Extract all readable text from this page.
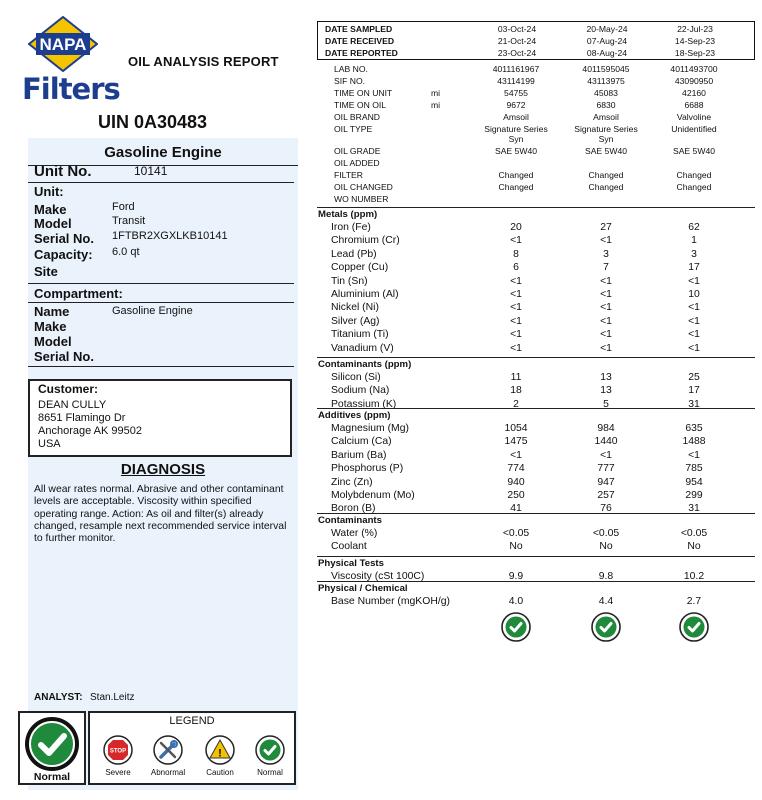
NAPA
Filters
OIL ANALYSIS REPORT
UIN 0A30483
Gasoline Engine
Unit No.	10141
Unit:
Make	Ford
Model	Transit
Serial No. 1FTBR2XGXLKB10141
Capacity: 6.0 qt
Site
Compartment:
Name	Gasoline Engine
Make
Model
Serial No.
Customer:
DEAN CULLY
8651 Flamingo Dr
Anchorage AK 99502
USA
DIAGNOSIS
All wear rates normal. Abrasive and other contaminant levels are acceptable. Viscosity within specified operating range. Action: As oil and filter(s) already changed, resample next recommended service interval to further monitor.
ANALYST: Stan.Leitz
Normal
LEGEND
STOP
Severe	Abnormal
!
Caution	Normal
DATE SAMPLED	03-Oct-24	20-May-24	22-Jul-23
DATE RECEIVED	21-Oct-24	07-Aug-24	14-Sep-23
DATE REPORTED	23-Oct-24	08-Aug-24	18-Sep-23
LAB NO.	4011161967	4011595045	4011493700
SIF NO.	43114199	43113975	43090950
TIME ON UNIT	mi	54755	45083	42160
TIME ON OIL	mi	9672	6830	6688
OIL BRAND	Amsoil	Amsoil	Valvoline
OIL TYPE	Signature Series	Signature Series	Unidentified
Syn	Syn
OIL GRADE	SAE 5W40	SAE 5W40	SAE 5W40
OIL ADDED
FILTER	Changed	Changed	Changed
OIL CHANGED	Changed	Changed	Changed
WO NUMBER
Metals (ppm)
Iron (Fe)	20	27	62
Chromium (Cr)	<1	<1	1
Lead (Pb)	8	3	3
Copper (Cu)	6	7	17
Tin (Sn)	<1	<1	<1
Aluminium (Al)	<1	<1	10
Nickel (Ni)	<1	<1	<1
Silver (Ag)	<1	<1	<1
Titanium (Ti)	<1	<1	<1
Vanadium (V)	<1	<1	<1
Contaminants (ppm)
Silicon (Si)	11	13	25
Sodium (Na)	18	13	17
Potassium (K)	2	5	31
Additives (ppm)
Magnesium (Mg)	1054	984	635
Calcium (Ca)	1475	1440	1488
Barium (Ba)	<1	<1	<1
Phosphorus (P)	774	777	785
Zinc (Zn)	940	947	954
Molybdenum (Mo)	250	257	299
Boron (B)	41	76	31
Contaminants
Water (%)	<0.05	<0.05	<0.05
Coolant	No	No	No
Physical Tests
Viscosity (cSt 100C)	9.9	9.8	10.2
Physical / Chemical
Base Number (mgKOH/g)	4.0	4.4	2.7
